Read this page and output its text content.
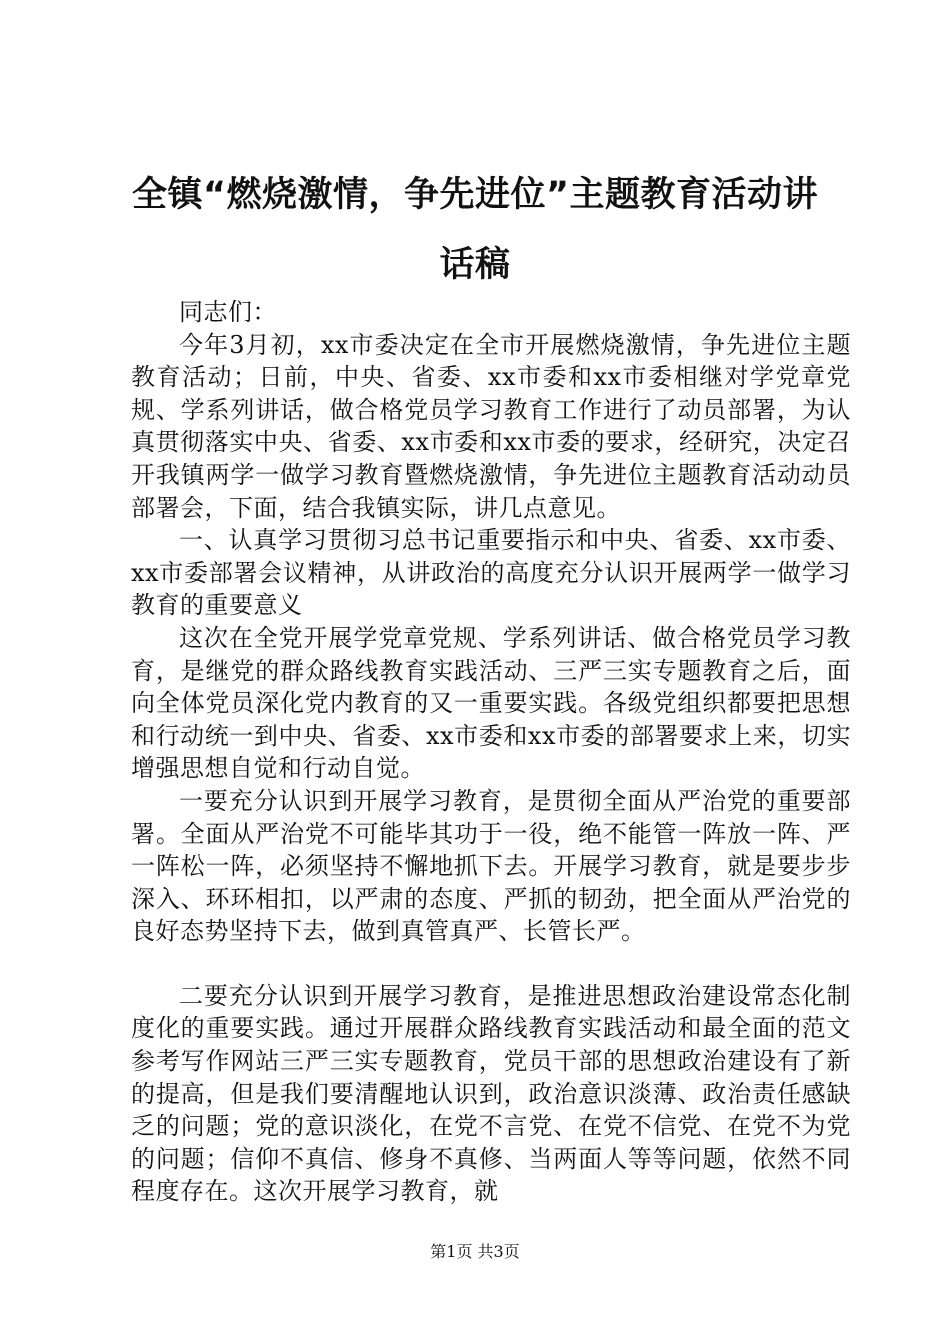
全镇“燃烧激情，争先进位”主题教育活动讲话稿

同志们：

今年3月初，xx市委决定在全市开展燃烧激情，争先进位主题教育活动；日前，中央、省委、xx市委和xx市委相继对学党章党规、学系列讲话，做合格党员学习教育工作进行了动员部署，为认真贯彻落实中央、省委、xx市委和xx市委的要求，经研究，决定召开我镇两学一做学习教育暨燃烧激情，争先进位主题教育活动动员部署会，下面，结合我镇实际，讲几点意见。

一、认真学习贯彻习总书记重要指示和中央、省委、xx市委、xx市委部署会议精神，从讲政治的高度充分认识开展两学一做学习教育的重要意义

这次在全党开展学党章党规、学系列讲话、做合格党员学习教育，是继党的群众路线教育实践活动、三严三实专题教育之后，面向全体党员深化党内教育的又一重要实践。各级党组织都要把思想和行动统一到中央、省委、xx市委和xx市委的部署要求上来，切实增强思想自觉和行动自觉。

一要充分认识到开展学习教育，是贯彻全面从严治党的重要部署。全面从严治党不可能毕其功于一役，绝不能管一阵放一阵、严一阵松一阵，必须坚持不懈地抓下去。开展学习教育，就是要步步深入、环环相扣，以严肃的态度、严抓的韧劲，把全面从严治党的良好态势坚持下去，做到真管真严、长管长严。

二要充分认识到开展学习教育，是推进思想政治建设常态化制度化的重要实践。通过开展群众路线教育实践活动和最全面的范文参考写作网站三严三实专题教育，党员干部的思想政治建设有了新的提高，但是我们要清醒地认识到，政治意识淡薄、政治责任感缺乏的问题；党的意识淡化，在党不言党、在党不信党、在党不为党的问题；信仰不真信、修身不真修、当两面人等等问题，依然不同程度存在。这次开展学习教育，就

第1页 共3页
